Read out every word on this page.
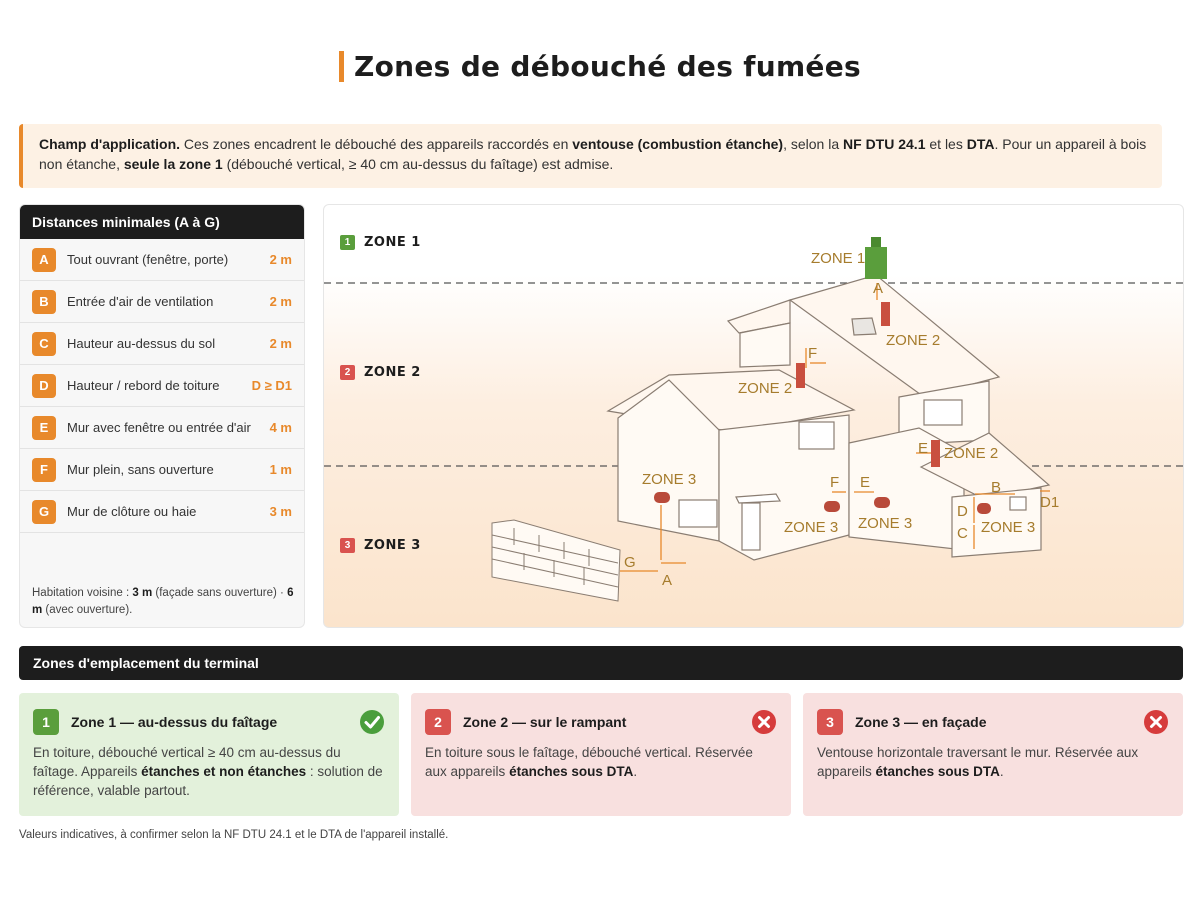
Zones de débouché des fumées
Champ d'application. Ces zones encadrent le débouché des appareils raccordés en ventouse (combustion étanche), selon la NF DTU 24.1 et les DTA. Pour un appareil à bois non étanche, seule la zone 1 (débouché vertical, ≥ 40 cm au-dessus du faîtage) est admise.
Distances minimales (A à G)
A	Tout ouvrant (fenêtre, porte)	2 m
B	Entrée d'air de ventilation	2 m
C	Hauteur au-dessus du sol	2 m
D	Hauteur / rebord de toiture	D ≥ D1
E	Mur avec fenêtre ou entrée d'air	4 m
F	Mur plein, sans ouverture	1 m
G	Mur de clôture ou haie	3 m
Habitation voisine : 3 m (façade sans ouverture) · 6 m (avec ouverture).
1	ZONE 1
2	ZONE 2
3	ZONE 3
ZONE 1
ZONE 2
ZONE 2
ZONE 2
ZONE 3
ZONE 3 ZONE 3	ZONE 3
A
F
E
F E	B
D
C
D1
G
A
Zones d'emplacement du terminal
1	Zone 1 — au-dessus du faîtage
En toiture, débouché vertical ≥ 40 cm au-dessus du faîtage. Appareils étanches et non étanches : solution de référence, valable partout.
2	Zone 2 — sur le rampant
En toiture sous le faîtage, débouché vertical. Réservée aux appareils étanches sous DTA.
3	Zone 3 — en façade
Ventouse horizontale traversant le mur. Réservée aux appareils étanches sous DTA.
Valeurs indicatives, à confirmer selon la NF DTU 24.1 et le DTA de l'appareil installé.
